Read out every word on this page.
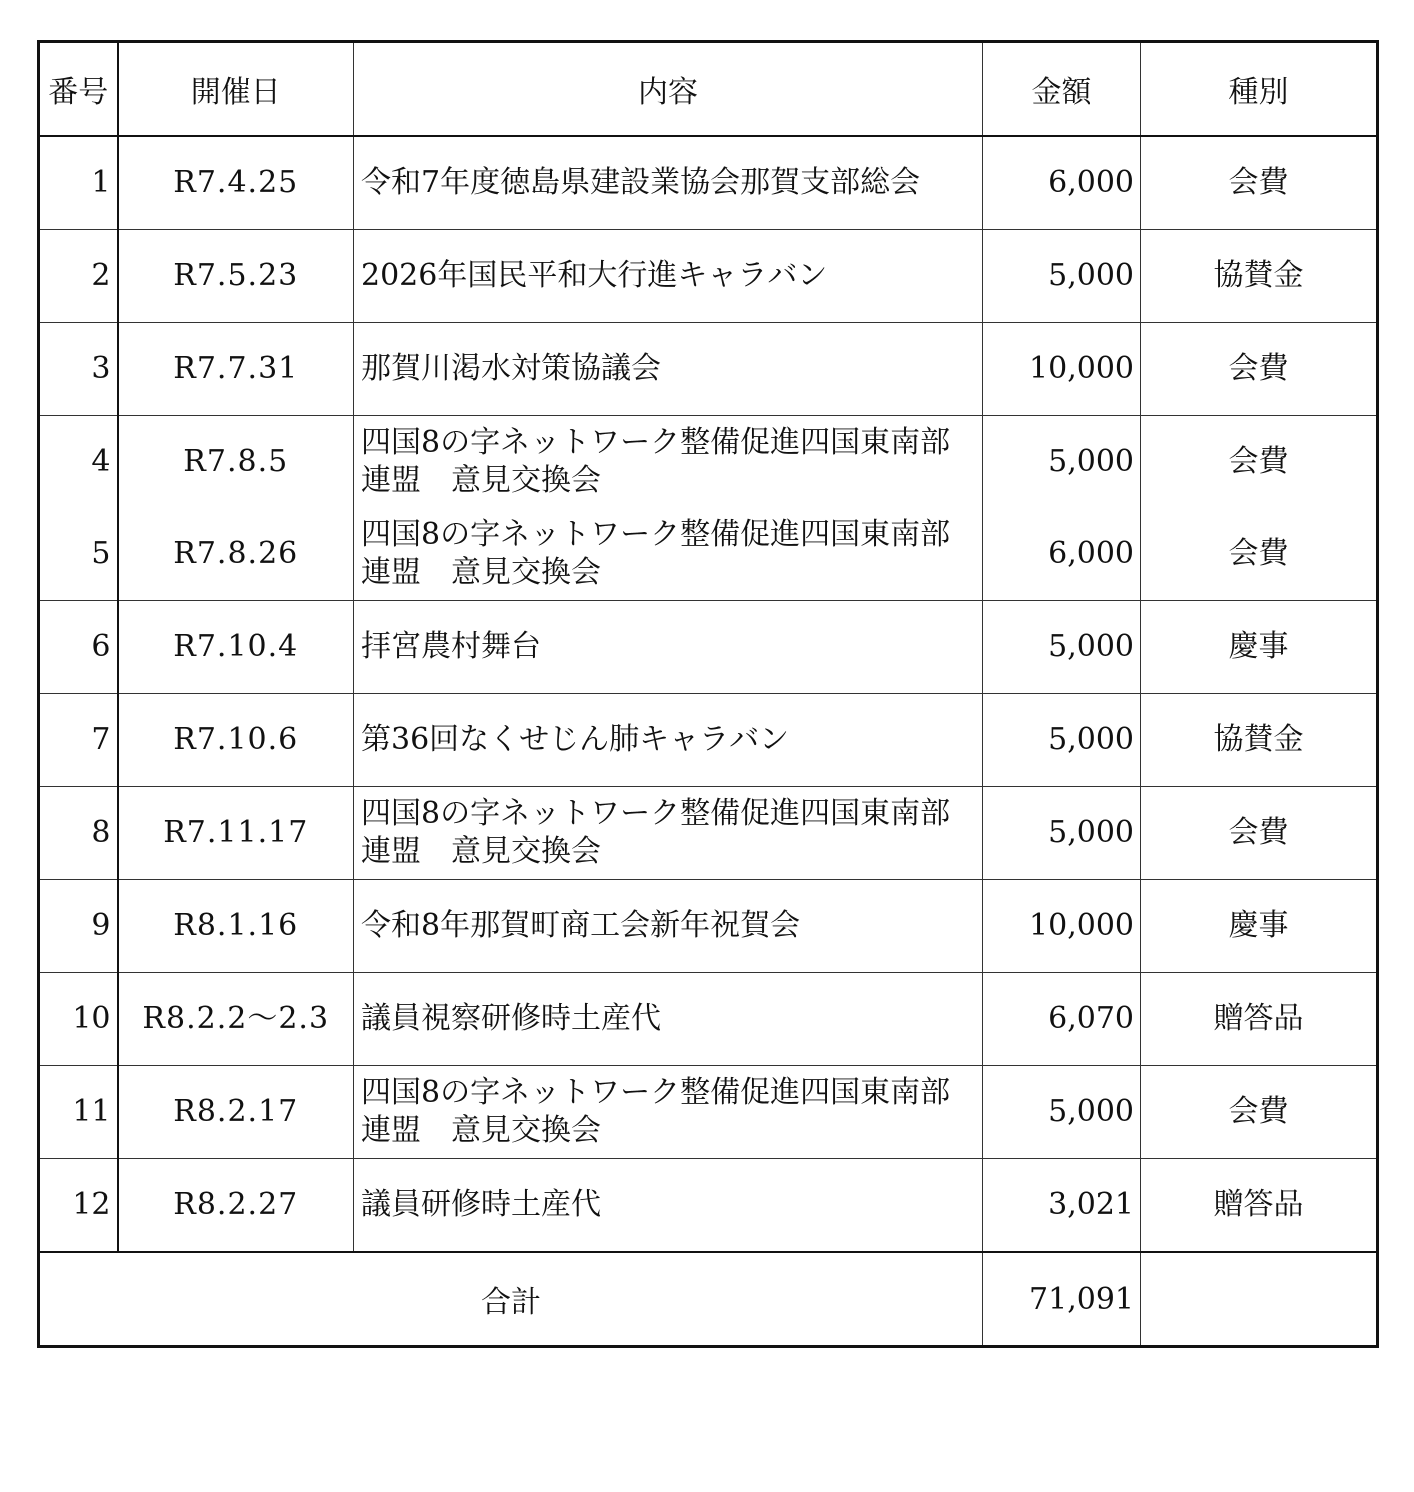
番号	開催日	内容	金額	種別
1	R7.4.25	令和7年度徳島県建設業協会那賀支部総会	6,000	会費
2	R7.5.23	2026年国民平和大行進キャラバン	5,000	協賛金
3	R7.7.31	那賀川渇水対策協議会	10,000	会費
4	R7.8.5	四国8の字ネットワーク整備促進四国東南部連盟　意見交換会	5,000	会費
5	R7.8.26	四国8の字ネットワーク整備促進四国東南部連盟　意見交換会	6,000	会費
6	R7.10.4	拝宮農村舞台	5,000	慶事
7	R7.10.6	第36回なくせじん肺キャラバン	5,000	協賛金
8	R7.11.17	四国8の字ネットワーク整備促進四国東南部連盟　意見交換会	5,000	会費
9	R8.1.16	令和8年那賀町商工会新年祝賀会	10,000	慶事
10	R8.2.2～2.3	議員視察研修時土産代	6,070	贈答品
11	R8.2.17	四国8の字ネットワーク整備促進四国東南部連盟　意見交換会	5,000	会費
12	R8.2.27	議員研修時土産代	3,021	贈答品
合計			71,091	
